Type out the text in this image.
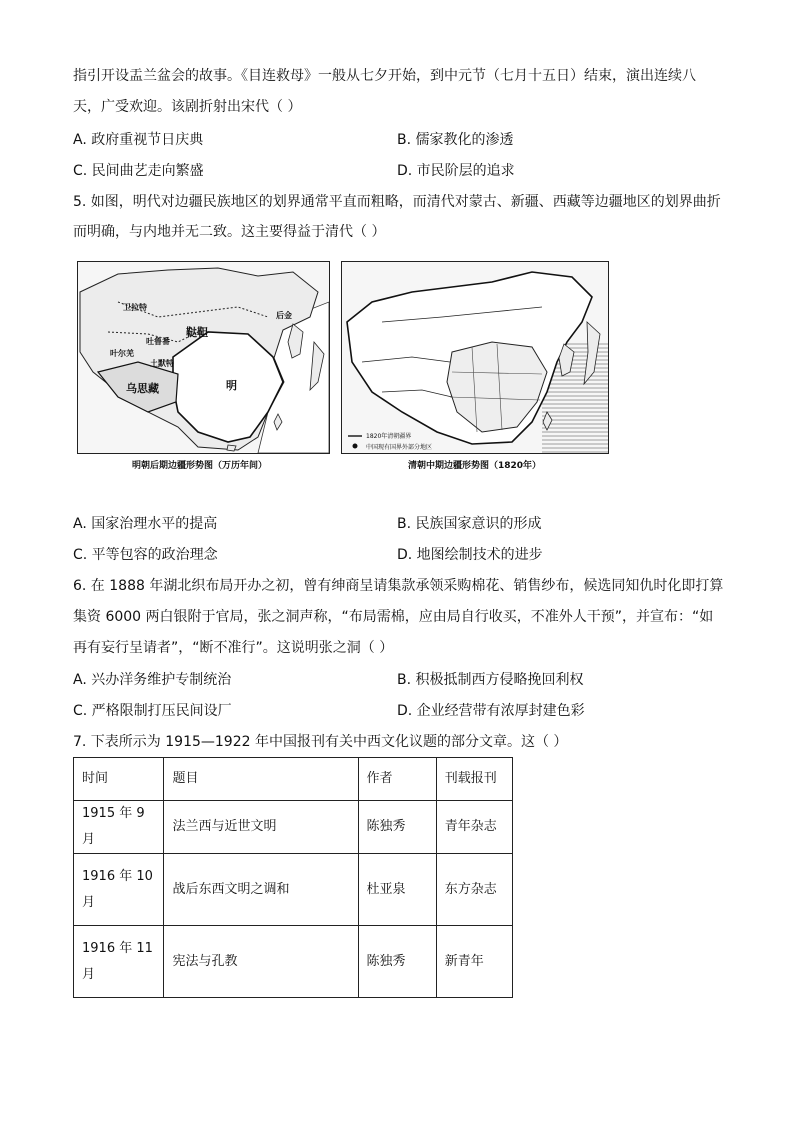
指引开设盂兰盆会的故事。《目连救母》一般从七夕开始，到中元节（七月十五日）结束，演出连续八
天，广受欢迎。该剧折射出宋代（ ）
A. 政府重视节日庆典	B. 儒家教化的渗透
C. 民间曲艺走向繁盛	D. 市民阶层的追求
5. 如图，明代对边疆民族地区的划界通常平直而粗略，而清代对蒙古、新疆、西藏等边疆地区的划界曲折
而明确，与内地并无二致。这主要得益于清代（ ）
卫拉特
鞑靼
后金
吐鲁番
叶尔羌
土默特
乌思藏	明
明朝后期边疆形势图（万历年间）
1820年清朝疆界
中国现有国界外部分地区
清朝中期边疆形势图（1820年）
A. 国家治理水平的提高	B. 民族国家意识的形成
C. 平等包容的政治理念	D. 地图绘制技术的进步
6. 在 1888 年湖北织布局开办之初，曾有绅商呈请集款承领采购棉花、销售纱布，候选同知仇时化即打算
集资 6000 两白银附于官局，张之洞声称，“布局需棉，应由局自行收买，不准外人干预”，并宣布：“如
再有妄行呈请者”，“断不准行”。这说明张之洞（ ）
A. 兴办洋务维护专制统治	B. 积极抵制西方侵略挽回利权
C. 严格限制打压民间设厂	D. 企业经营带有浓厚封建色彩
7. 下表所示为 1915—1922 年中国报刊有关中西文化议题的部分文章。这（ ）
时间	题目	作者	刊载报刊
1915 年 9 月	法兰西与近世文明	陈独秀	青年杂志
1916 年 10
月	战后东西文明之调和	杜亚泉	东方杂志
1916 年 11
月	宪法与孔教	陈独秀	新青年
